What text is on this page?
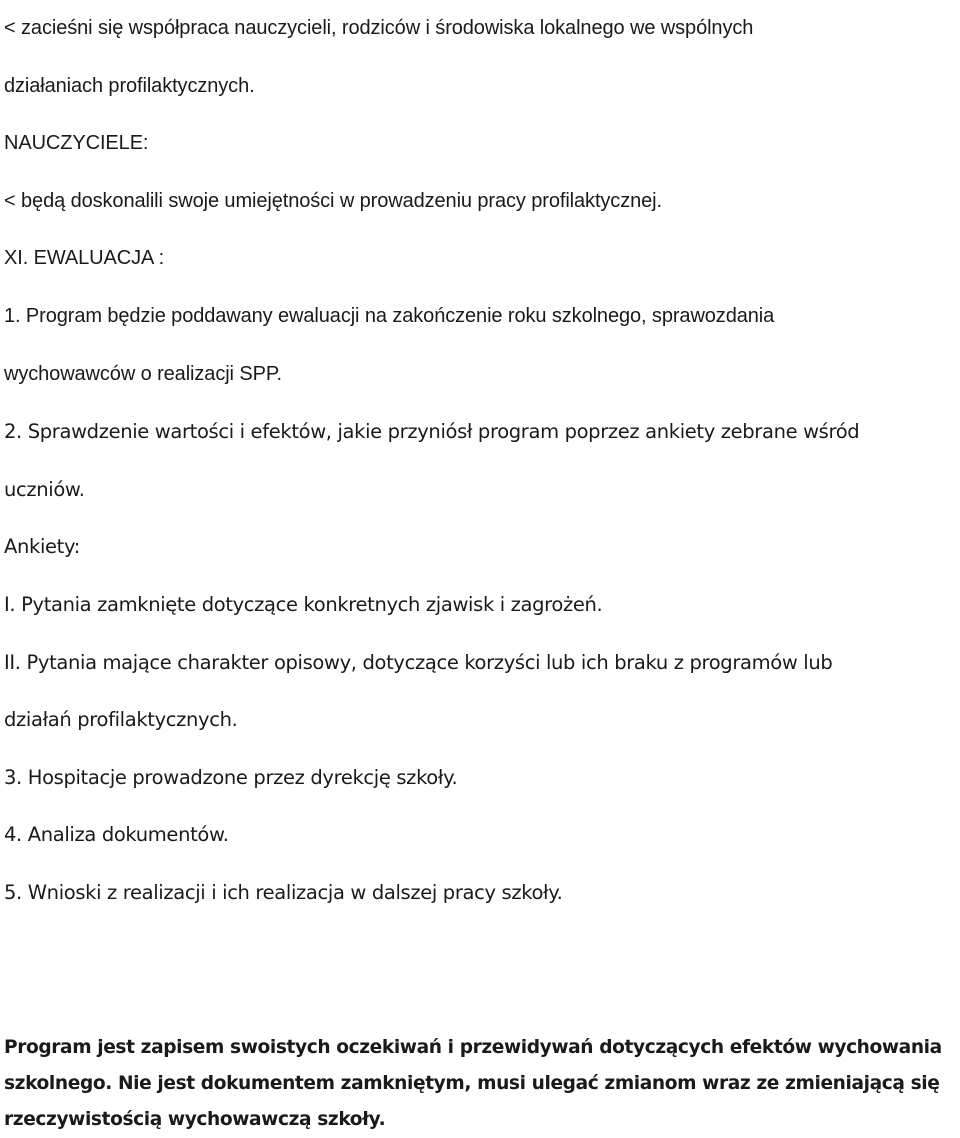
< zacieśni się współpraca nauczycieli, rodziców i środowiska lokalnego we wspólnych
działaniach profilaktycznych.
NAUCZYCIELE:
< będą doskonalili swoje umiejętności w prowadzeniu pracy profilaktycznej.
XI. EWALUACJA :
1. Program będzie poddawany ewaluacji na zakończenie roku szkolnego, sprawozdania
wychowawców o realizacji SPP.
2. Sprawdzenie wartości i efektów, jakie przyniósł program poprzez ankiety zebrane wśród
uczniów.
Ankiety:
I. Pytania zamknięte dotyczące konkretnych zjawisk i zagrożeń.
II. Pytania mające charakter opisowy, dotyczące korzyści lub ich braku z programów lub
działań profilaktycznych.
3. Hospitacje prowadzone przez dyrekcję szkoły.
4. Analiza dokumentów.
5. Wnioski z realizacji i ich realizacja w dalszej pracy szkoły.
Program jest zapisem swoistych oczekiwań i przewidywań dotyczących efektów wychowania
szkolnego. Nie jest dokumentem zamkniętym, musi ulegać zmianom wraz ze zmieniającą się
rzeczywistością wychowawczą szkoły.
